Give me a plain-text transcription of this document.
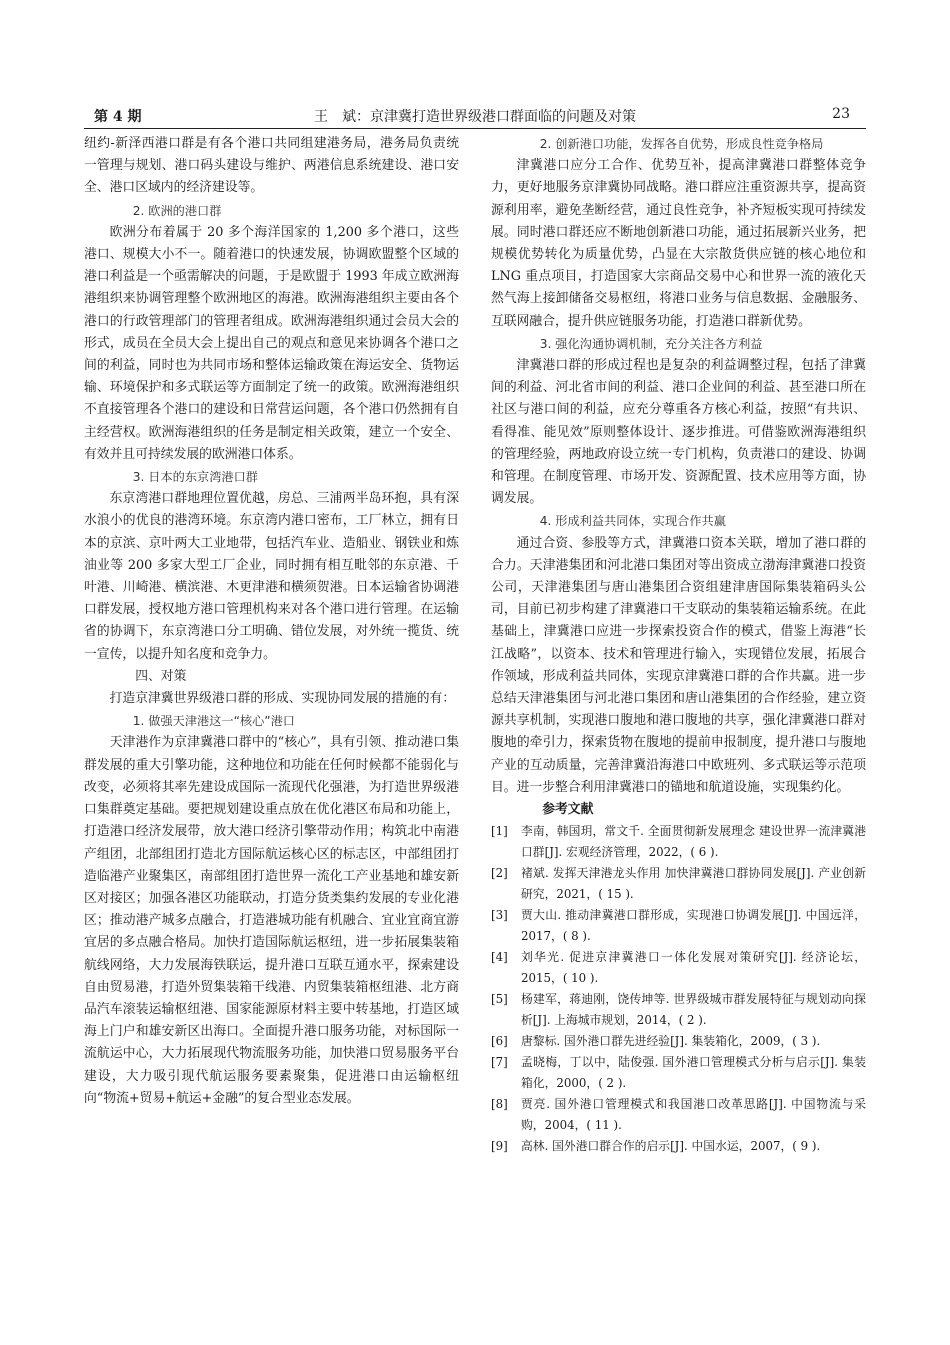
第 4 期	王　斌：京津冀打造世界级港口群面临的问题及对策	23

纽约-新泽西港口群是有各个港口共同组建港务局，港务局负责统一管理与规划、港口码头建设与维护、两港信息系统建设、港口安全、港口区域内的经济建设等。

2. 欧洲的港口群

欧洲分布着属于 20 多个海洋国家的 1,200 多个港口，这些港口、规模大小不一。随着港口的快速发展，协调欧盟整个区域的港口利益是一个亟需解决的问题，于是欧盟于 1993 年成立欧洲海港组织来协调管理整个欧洲地区的海港。欧洲海港组织主要由各个港口的行政管理部门的管理者组成。欧洲海港组织通过会员大会的形式，成员在全员大会上提出自己的观点和意见来协调各个港口之间的利益，同时也为共同市场和整体运输政策在海运安全、货物运输、环境保护和多式联运等方面制定了统一的政策。欧洲海港组织不直接管理各个港口的建设和日常营运问题，各个港口仍然拥有自主经营权。欧洲海港组织的任务是制定相关政策，建立一个安全、有效并且可持续发展的欧洲港口体系。

3. 日本的东京湾港口群

东京湾港口群地理位置优越，房总、三浦两半岛环抱，具有深水浪小的优良的港湾环境。东京湾内港口密布，工厂林立，拥有日本的京滨、京叶两大工业地带，包括汽车业、造船业、钢铁业和炼油业等 200 多家大型工厂企业，同时拥有相互毗邻的东京港、千叶港、川崎港、横滨港、木更津港和横须贺港。日本运输省协调港口群发展，授权地方港口管理机构来对各个港口进行管理。在运输省的协调下，东京湾港口分工明确、错位发展，对外统一揽货、统一宣传，以提升知名度和竞争力。

四、对策

打造京津冀世界级港口群的形成、实现协同发展的措施的有：

1. 做强天津港这一“核心”港口

天津港作为京津冀港口群中的“核心”，具有引领、推动港口集群发展的重大引擎功能，这种地位和功能在任何时候都不能弱化与改变，必须将其率先建设成国际一流现代化强港，为打造世界级港口集群奠定基础。要把规划建设重点放在优化港区布局和功能上，打造港口经济发展带，放大港口经济引擎带动作用；构筑北中南港产组团，北部组团打造北方国际航运核心区的标志区，中部组团打造临港产业聚集区，南部组团打造世界一流化工产业基地和雄安新区对接区；加强各港区功能联动，打造分货类集约发展的专业化港区；推动港产城多点融合，打造港城功能有机融合、宜业宜商宜游宜居的多点融合格局。加快打造国际航运枢纽，进一步拓展集装箱航线网络，大力发展海铁联运，提升港口互联互通水平，探索建设自由贸易港，打造外贸集装箱干线港、内贸集装箱枢纽港、北方商品汽车滚装运输枢纽港、国家能源原材料主要中转基地，打造区域海上门户和雄安新区出海口。全面提升港口服务功能，对标国际一流航运中心，大力拓展现代物流服务功能，加快港口贸易服务平台建设，大力吸引现代航运服务要素聚集，促进港口由运输枢纽向“物流+贸易+航运+金融”的复合型业态发展。

2. 创新港口功能，发挥各自优势，形成良性竞争格局

津冀港口应分工合作、优势互补，提高津冀港口群整体竞争力，更好地服务京津冀协同战略。港口群应注重资源共享，提高资源利用率，避免垄断经营，通过良性竞争，补齐短板实现可持续发展。同时港口群还应不断地创新港口功能，通过拓展新兴业务，把规模优势转化为质量优势，凸显在大宗散货供应链的核心地位和 LNG 重点项目，打造国家大宗商品交易中心和世界一流的液化天然气海上接卸储备交易枢纽，将港口业务与信息数据、金融服务、互联网融合，提升供应链服务功能，打造港口群新优势。

3. 强化沟通协调机制，充分关注各方利益

津冀港口群的形成过程也是复杂的利益调整过程，包括了津冀间的利益、河北省市间的利益、港口企业间的利益、甚至港口所在社区与港口间的利益，应充分尊重各方核心利益，按照“有共识、看得准、能见效”原则整体设计、逐步推进。可借鉴欧洲海港组织的管理经验，两地政府设立统一专门机构，负责港口的建设、协调和管理。在制度管理、市场开发、资源配置、技术应用等方面，协调发展。

4. 形成利益共同体，实现合作共赢

通过合资、参股等方式，津冀港口资本关联，增加了港口群的合力。天津港集团和河北港口集团对等出资成立渤海津冀港口投资公司，天津港集团与唐山港集团合资组建津唐国际集装箱码头公司，目前已初步构建了津冀港口干支联动的集装箱运输系统。在此基础上，津冀港口应进一步探索投资合作的模式，借鉴上海港“长江战略”，以资本、技术和管理进行输入，实现错位发展，拓展合作领域，形成利益共同体，实现京津冀港口群的合作共赢。进一步总结天津港集团与河北港口集团和唐山港集团的合作经验，建立资源共享机制，实现港口腹地和港口腹地的共享，强化津冀港口群对腹地的牵引力，探索货物在腹地的提前申报制度，提升港口与腹地产业的互动质量，完善津冀沿海港口中欧班列、多式联运等示范项目。进一步整合利用津冀港口的锚地和航道设施，实现集约化。

参考文献

[1]	李南，韩国玥，常文千. 全面贯彻新发展理念 建设世界一流津冀港口群[J]. 宏观经济管理，2022，( 6 ).
[2]	褚斌. 发挥天津港龙头作用 加快津冀港口群协同发展[J]. 产业创新研究，2021，( 15 ).
[3]	贾大山. 推动津冀港口群形成，实现港口协调发展[J]. 中国远洋，2017，( 8 ).
[4]	刘华光. 促进京津冀港口一体化发展对策研究[J]. 经济论坛，2015，( 10 ).
[5]	杨建军，蒋迪刚，饶传坤等. 世界级城市群发展特征与规划动向探析[J]. 上海城市规划，2014，( 2 ).
[6]	唐黎标. 国外港口群先进经验[J]. 集装箱化，2009，( 3 ).
[7]	孟晓梅，丁以中，陆俊强. 国外港口管理模式分析与启示[J]. 集装箱化，2000，( 2 ).
[8]	贾亮. 国外港口管理模式和我国港口改革思路[J]. 中国物流与采购，2004，( 11 ).
[9]	高林. 国外港口群合作的启示[J]. 中国水运，2007，( 9 ).
